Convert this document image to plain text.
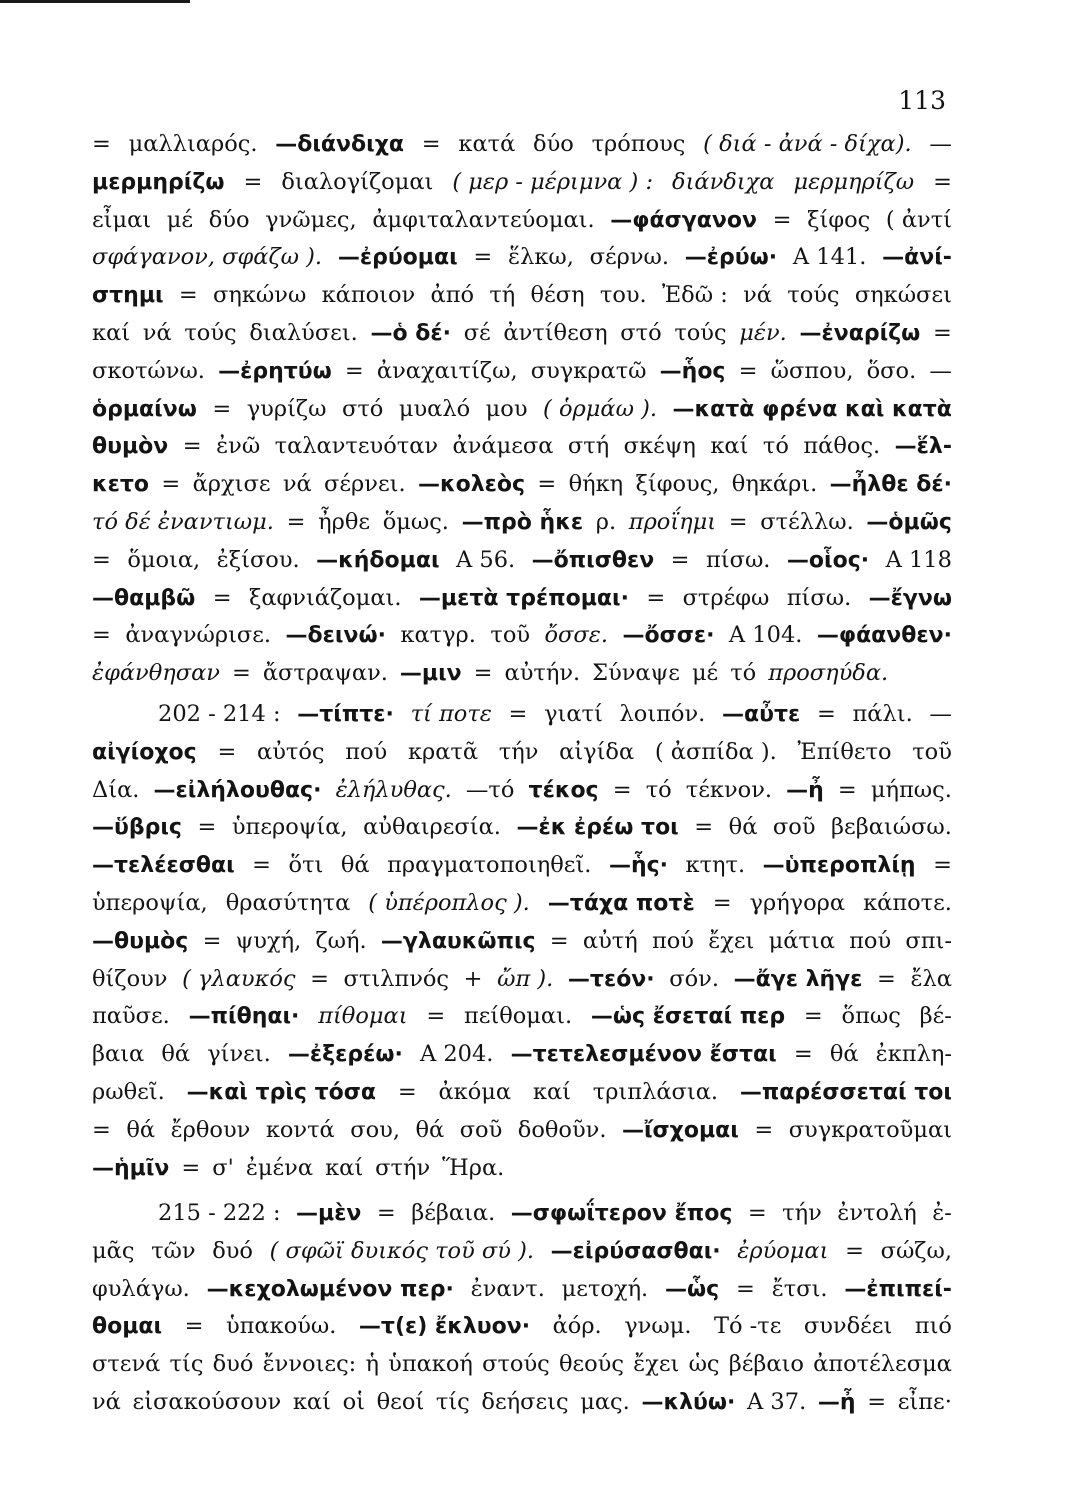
113
= μαλλιαρός. —διάνδιχα = κατά δύο τρόπους ( διά - ἀνά - δίχα). —
μερμηρίζω = διαλογίζομαι ( μερ - μέριμνα ) : διάνδιχα μερμηρίζω =
εἶμαι μέ δύο γνῶμες, ἀμφιταλαντεύομαι. —φάσγανον = ξίφος ( ἀντί
σφάγανον, σφάζω ). —ἐρύομαι = ἕλκω, σέρνω. —ἐρύω· Α 141. —ἀνί-
στημι = σηκώνω κάποιον ἀπό τή θέση του. Ἐδῶ : νά τούς σηκώσει
καί νά τούς διαλύσει. —ὁ δέ· σέ ἀντίθεση στό τούς μέν. —ἐναρίζω =
σκοτώνω. —ἐρητύω = ἀναχαιτίζω, συγκρατῶ —ἧος = ὥσπου, ὅσο. —
ὁρμαίνω = γυρίζω στό μυαλό μου ( ὁρμάω ). —κατὰ φρένα καὶ κατὰ
θυμὸν = ἐνῶ ταλαντευόταν ἀνάμεσα στή σκέψη καί τό πάθος. —ἕλ-
κετο = ἄρχισε νά σέρνει. —κολεὸς = θήκη ξίφους, θηκάρι. —ἦλθε δέ·
τό δέ ἐναντιωμ. = ἦρθε ὅμως. —πρὸ ἧκε ρ. προΐημι = στέλλω. —ὁμῶς
= ὅμοια, ἐξίσου. —κήδομαι Α 56. —ὄπισθεν = πίσω. —οἷος· Α 118
—θαμβῶ = ξαφνιάζομαι. —μετὰ τρέπομαι· = στρέφω πίσω. —ἔγνω
= ἀναγνώρισε. —δεινώ· κατγρ. τοῦ ὄσσε. —ὄσσε· Α 104. —φάανθεν·
ἐφάνθησαν = ἄστραψαν. —μιν = αὐτήν. Σύναψε μέ τό προσηύδα.
202 - 214 : —τίπτε· τί ποτε = γιατί λοιπόν. —αὖτε = πάλι. —
αἰγίοχος = αὐτός πού κρατᾶ τήν αἰγίδα ( ἀσπίδα ). Ἐπίθετο τοῦ
Δία. —εἰλήλουθας· ἐλήλυθας. —τό τέκος = τό τέκνον. —ἦ = μήπως.
—ὕβρις = ὑπεροψία, αὐθαιρεσία. —ἐκ ἐρέω τοι = θά σοῦ βεβαιώσω.
—τελέεσθαι = ὅτι θά πραγματοποιηθεῖ. —ἧς· κτητ. —ὑπεροπλίῃ =
ὑπεροψία, θρασύτητα ( ὑπέροπλος ). —τάχα ποτὲ = γρήγορα κάποτε.
—θυμὸς = ψυχή, ζωή. —γλαυκῶπις = αὐτή πού ἔχει μάτια πού σπι-
θίζουν ( γλαυκός = στιλπνός + ὤπ ). —τεόν· σόν. —ἄγε λῆγε = ἔλα
παῦσε. —πίθηαι· πίθομαι = πείθομαι. —ὡς ἔσεταί περ = ὅπως βέ-
βαια θά γίνει. —ἐξερέω· Α 204. —τετελεσμένον ἔσται = θά ἐκπλη-
ρωθεῖ. —καὶ τρὶς τόσα = ἀκόμα καί τριπλάσια. —παρέσσεταί τοι
= θά ἔρθουν κοντά σου, θά σοῦ δοθοῦν. —ἴσχομαι = συγκρατοῦμαι
—ἡμῖν = σ' ἐμένα καί στήν Ἥρα.
215 - 222 : —μὲν = βέβαια. —σφωΐτερον ἔπος = τήν ἐντολή ἐ-
μᾶς τῶν δυό ( σφῶϊ δυικός τοῦ σύ ). —εἰρύσασθαι· ἐρύομαι = σώζω,
φυλάγω. —κεχολωμένον περ· ἐναντ. μετοχή. —ὧς = ἔτσι. —ἐπιπεί-
θομαι = ὑπακούω. —τ(ε) ἔκλυον· ἀόρ. γνωμ. Τό -τε συνδέει πιό
στενά τίς δυό ἔννοιες: ἡ ὑπακοή στούς θεούς ἔχει ὡς βέβαιο ἀποτέλεσμα
νά εἰσακούσουν καί οἱ θεοί τίς δεήσεις μας. —κλύω· Α 37. —ἦ = εἶπε·
